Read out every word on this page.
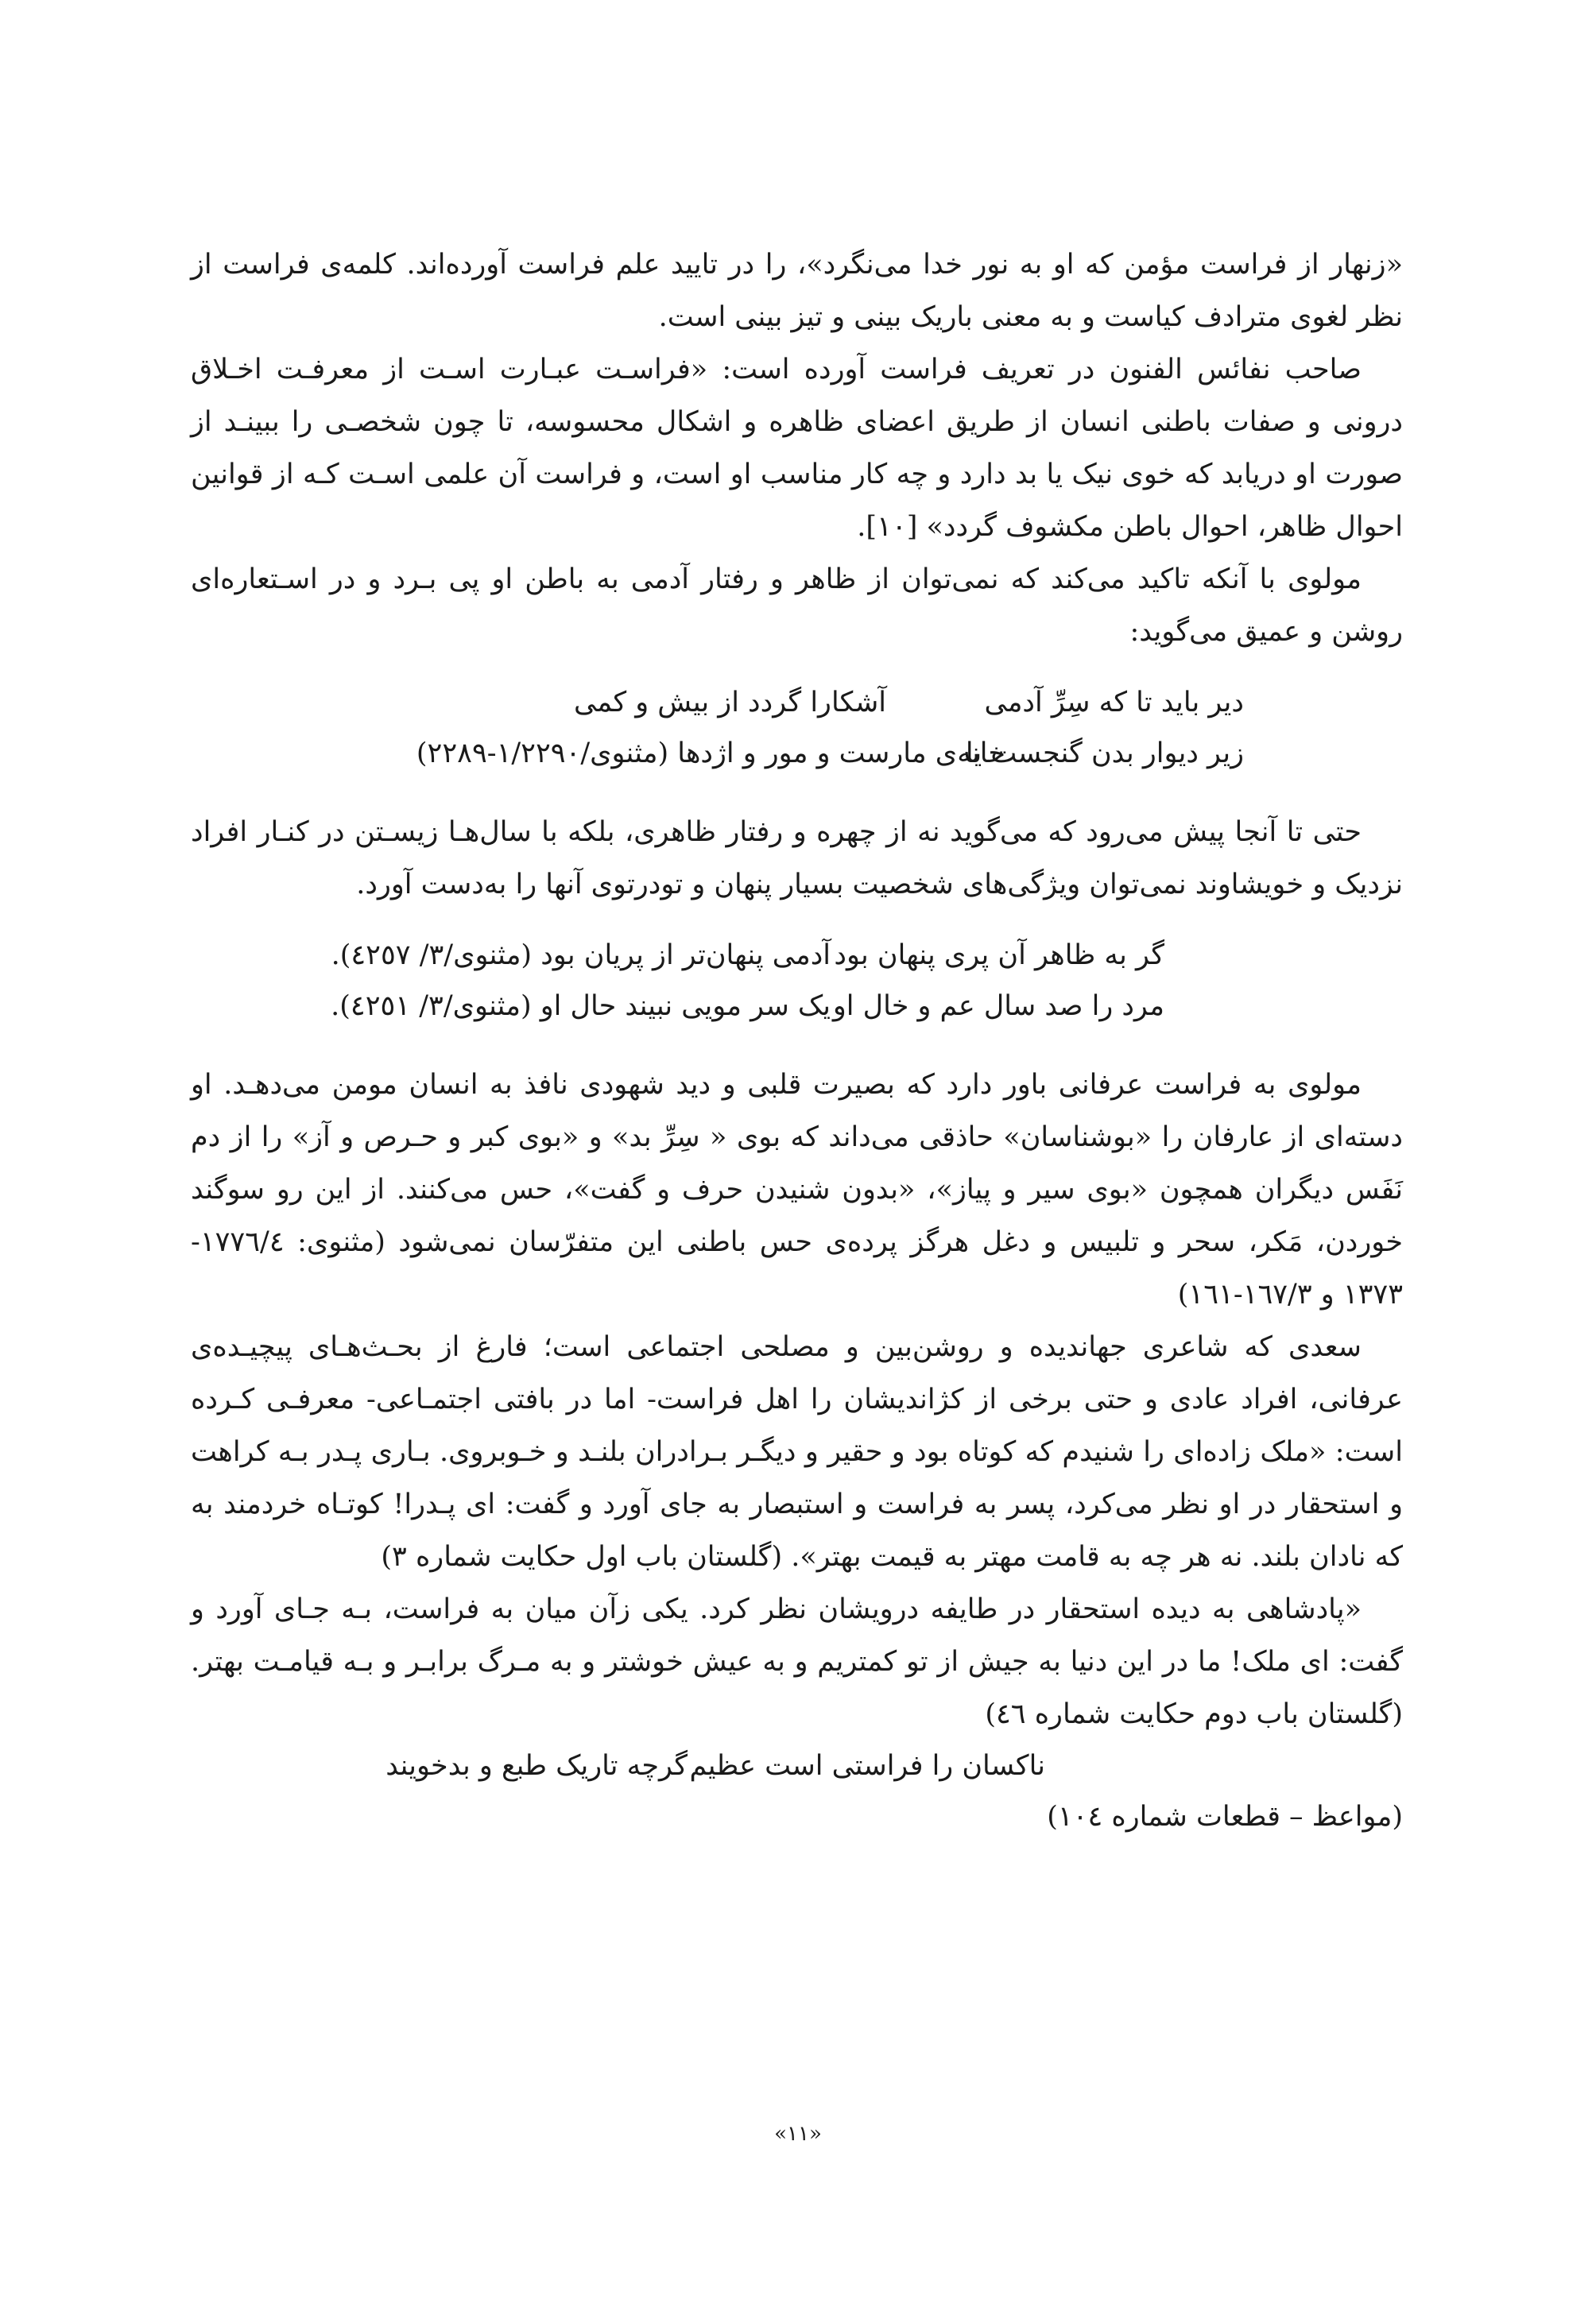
«زنهار از فراست مؤمن که او به نور خدا می‌نگرد»، را در تایید علم فراست آورده‌اند. کلمه‌ی فراست از نظر لغوی مترادف کیاست و به معنی باریک بینی و تیز بینی است.

صاحب نفائس الفنون در تعریف فراست آورده است: «فراسـت عبـارت اسـت از معرفـت اخـلاق درونی و صفات باطنی انسان از طریق اعضای ظاهره و اشکال محسوسه، تا چون شخصـی را ببینـد از صورت او دریابد که خوی نیک یا بد دارد و چه کار مناسب او است، و فراست آن علمی اسـت کـه از قوانین احوال ظاهر، احوال باطن مکشوف گردد» [۱۰].

مولوی با آنکه تاکید می‌کند که نمی‌توان از ظاهر و رفتار آدمی به باطن او پی بـرد و در اسـتعاره‌ای روشن و عمیق می‌گوید:

دیر باید تا که سِرِّ آدمی
آشکارا گردد از بیش و کمی
زیر دیوار بدن گنجست یا
خانه‌ی مارست و مور و اژدها (مثنوی/۱/۲۲۹۰-۲۲۸۹)

حتی تا آنجا پیش می‌رود که می‌گوید نه از چهره و رفتار ظاهری، بلکه با سال‌هـا زیسـتن در کنـار افراد نزدیک و خویشاوند نمی‌توان ویژگی‌های شخصیت بسیار پنهان و تودرتوی آنها را به‌دست آورد.

گر به ظاهر آن پری پنهان بود
آدمی پنهان‌تر از پریان بود (مثنوی/۳/ ٤۲٥۷).
مرد را صد سال عم و خال او
یک سر مویی نبیند حال او (مثنوی/۳/ ٤۲٥۱).

مولوی به فراست عرفانی باور دارد که بصیرت قلبی و دید شهودی نافذ به انسان مومن می‌دهـد. او دسته‌ای از عارفان را «بوشناسان» حاذقی می‌داند که بوی « سِرِّ بد» و «بوی کبر و حـرص و آز» را از دم نَفَس دیگران همچون «بوی سیر و پیاز»، «بدون شنیدن حرف و گفت»، حس می‌کنند. از این رو سوگند خوردن، مَکر، سحر و تلبیس و دغل هرگز پرده‌ی حس باطنی این متفرّسان نمی‌شود (مثنوی: ۱۷۷٦/٤- ۱۳۷۳ و ۱٦۷/۳-۱٦۱)

سعدی که شاعری جهاندیده و روشن‌بین و مصلحی اجتماعی است؛ فارغ از بحـث‌هـای پیچیـده‌ی عرفانی، افراد عادی و حتی برخی از کژاندیشان را اهل فراست- اما در بافتی اجتمـاعی- معرفـی کـرده است: «ملک زاده‌ای را شنیدم که کوتاه بود و حقیر و دیگـر بـرادران بلنـد و خـوبروی. بـاری پـدر بـه کراهت و استحقار در او نظر می‌کرد، پسر به فراست و استبصار به جای آورد و گفت: ای پـدرا! کوتـاه خردمند به که نادان بلند. نه هر چه به قامت مهتر به قیمت بهتر». (گلستان باب اول حکایت شماره ۳)

«پادشاهی به دیده استحقار در طایفه درویشان نظر کرد. یکی زآن میان به فراست، بـه جـای آورد و گفت: ای ملک! ما در این دنیا به جیش از تو کمتریم و به عیش خوشتر و به مـرگ برابـر و بـه قیامـت بهتر. (گلستان باب دوم حکایت شماره ٤٦)

ناکسان را فراستی است عظیم
گرچه تاریک طبع و بدخویند

(مواعظ – قطعات شماره ۱۰٤)

«۱۱»
